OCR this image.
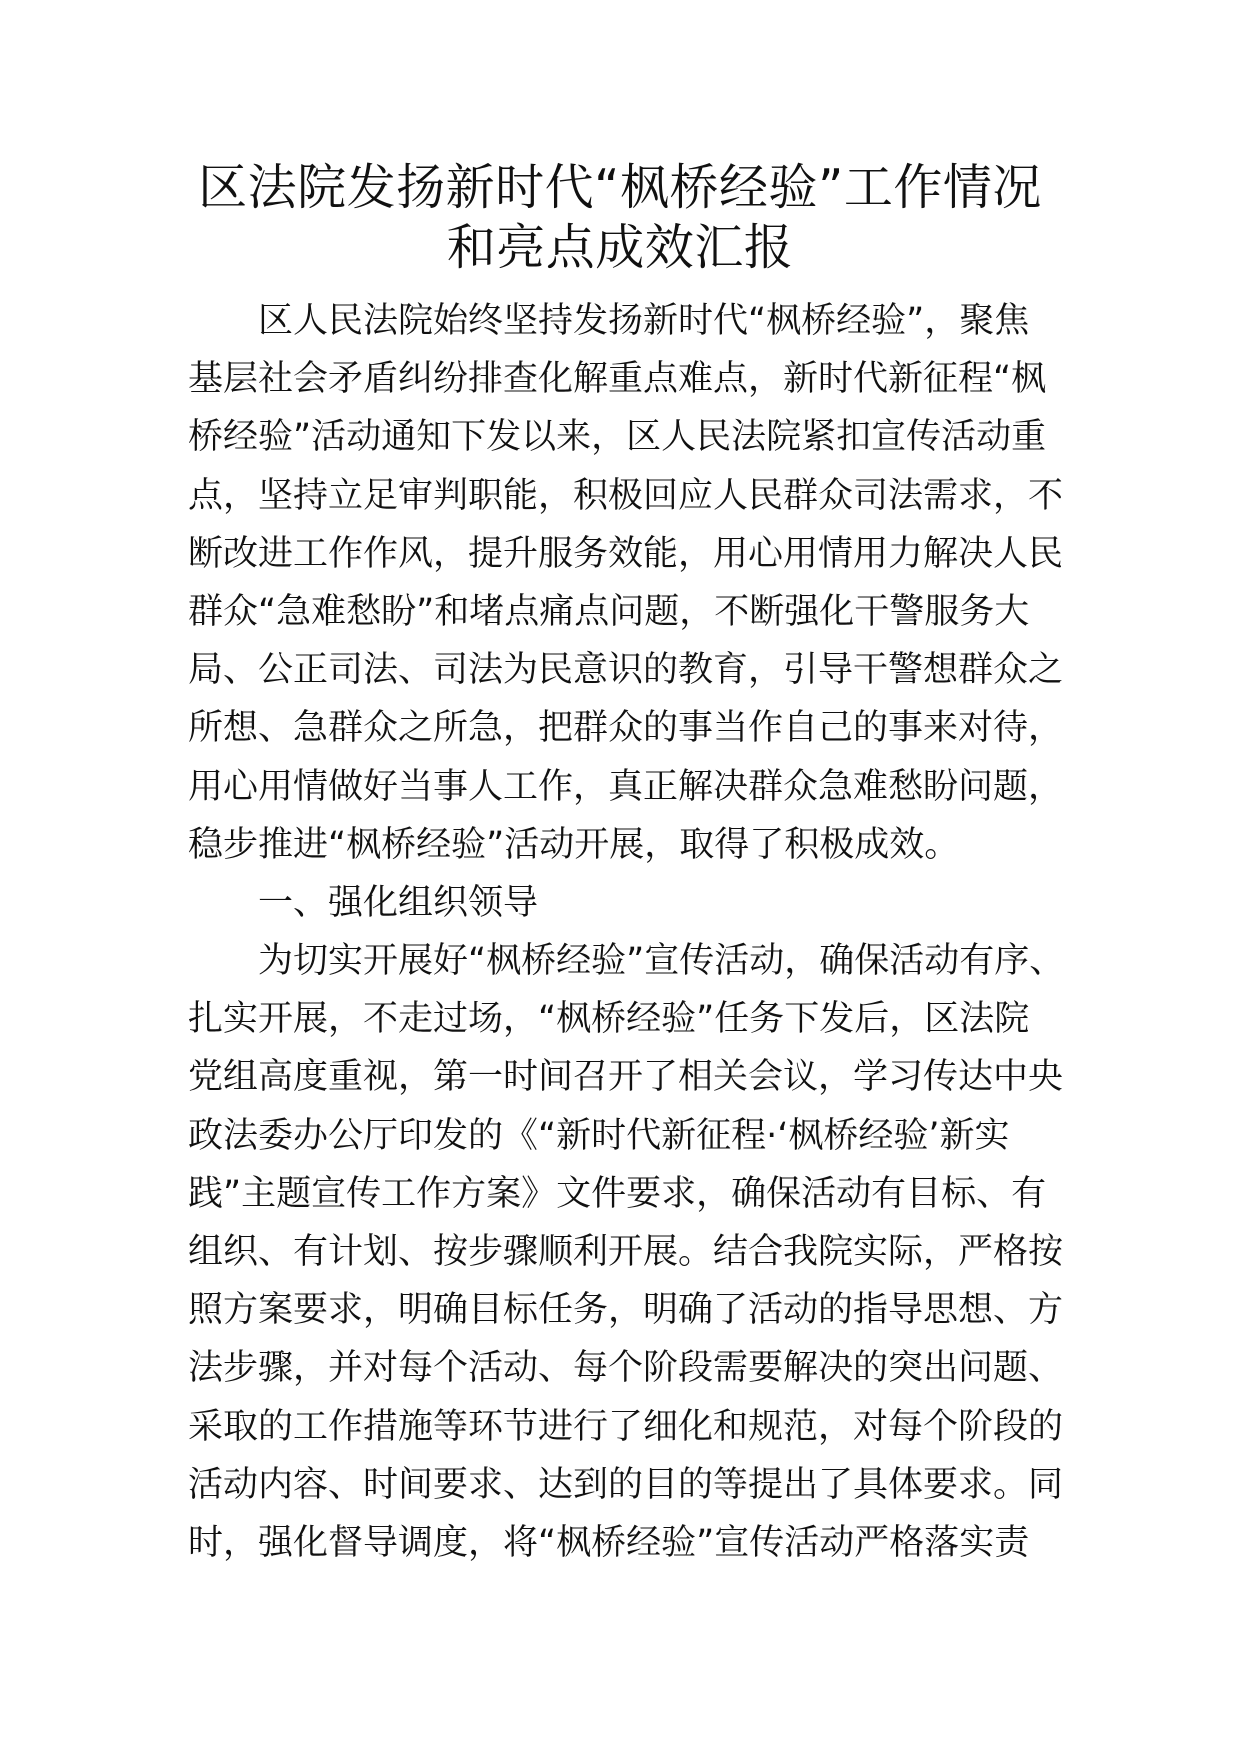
区法院发扬新时代“枫桥经验”工作情况
和亮点成效汇报
区人民法院始终坚持发扬新时代“枫桥经验”，聚焦
基层社会矛盾纠纷排查化解重点难点，新时代新征程“枫
桥经验”活动通知下发以来，区人民法院紧扣宣传活动重
点，坚持立足审判职能，积极回应人民群众司法需求，不
断改进工作作风，提升服务效能，用心用情用力解决人民
群众“急难愁盼”和堵点痛点问题，不断强化干警服务大
局、公正司法、司法为民意识的教育，引导干警想群众之
所想、急群众之所急，把群众的事当作自己的事来对待，
用心用情做好当事人工作，真正解决群众急难愁盼问题，
稳步推进“枫桥经验”活动开展，取得了积极成效。
一、强化组织领导
为切实开展好“枫桥经验”宣传活动，确保活动有序、
扎实开展，不走过场，“枫桥经验”任务下发后，区法院
党组高度重视，第一时间召开了相关会议，学习传达中央
政法委办公厅印发的《“新时代新征程·‘枫桥经验’新实
践”主题宣传工作方案》文件要求，确保活动有目标、有
组织、有计划、按步骤顺利开展。结合我院实际，严格按
照方案要求，明确目标任务，明确了活动的指导思想、方
法步骤，并对每个活动、每个阶段需要解决的突出问题、
采取的工作措施等环节进行了细化和规范，对每个阶段的
活动内容、时间要求、达到的目的等提出了具体要求。同
时，强化督导调度，将“枫桥经验”宣传活动严格落实责
